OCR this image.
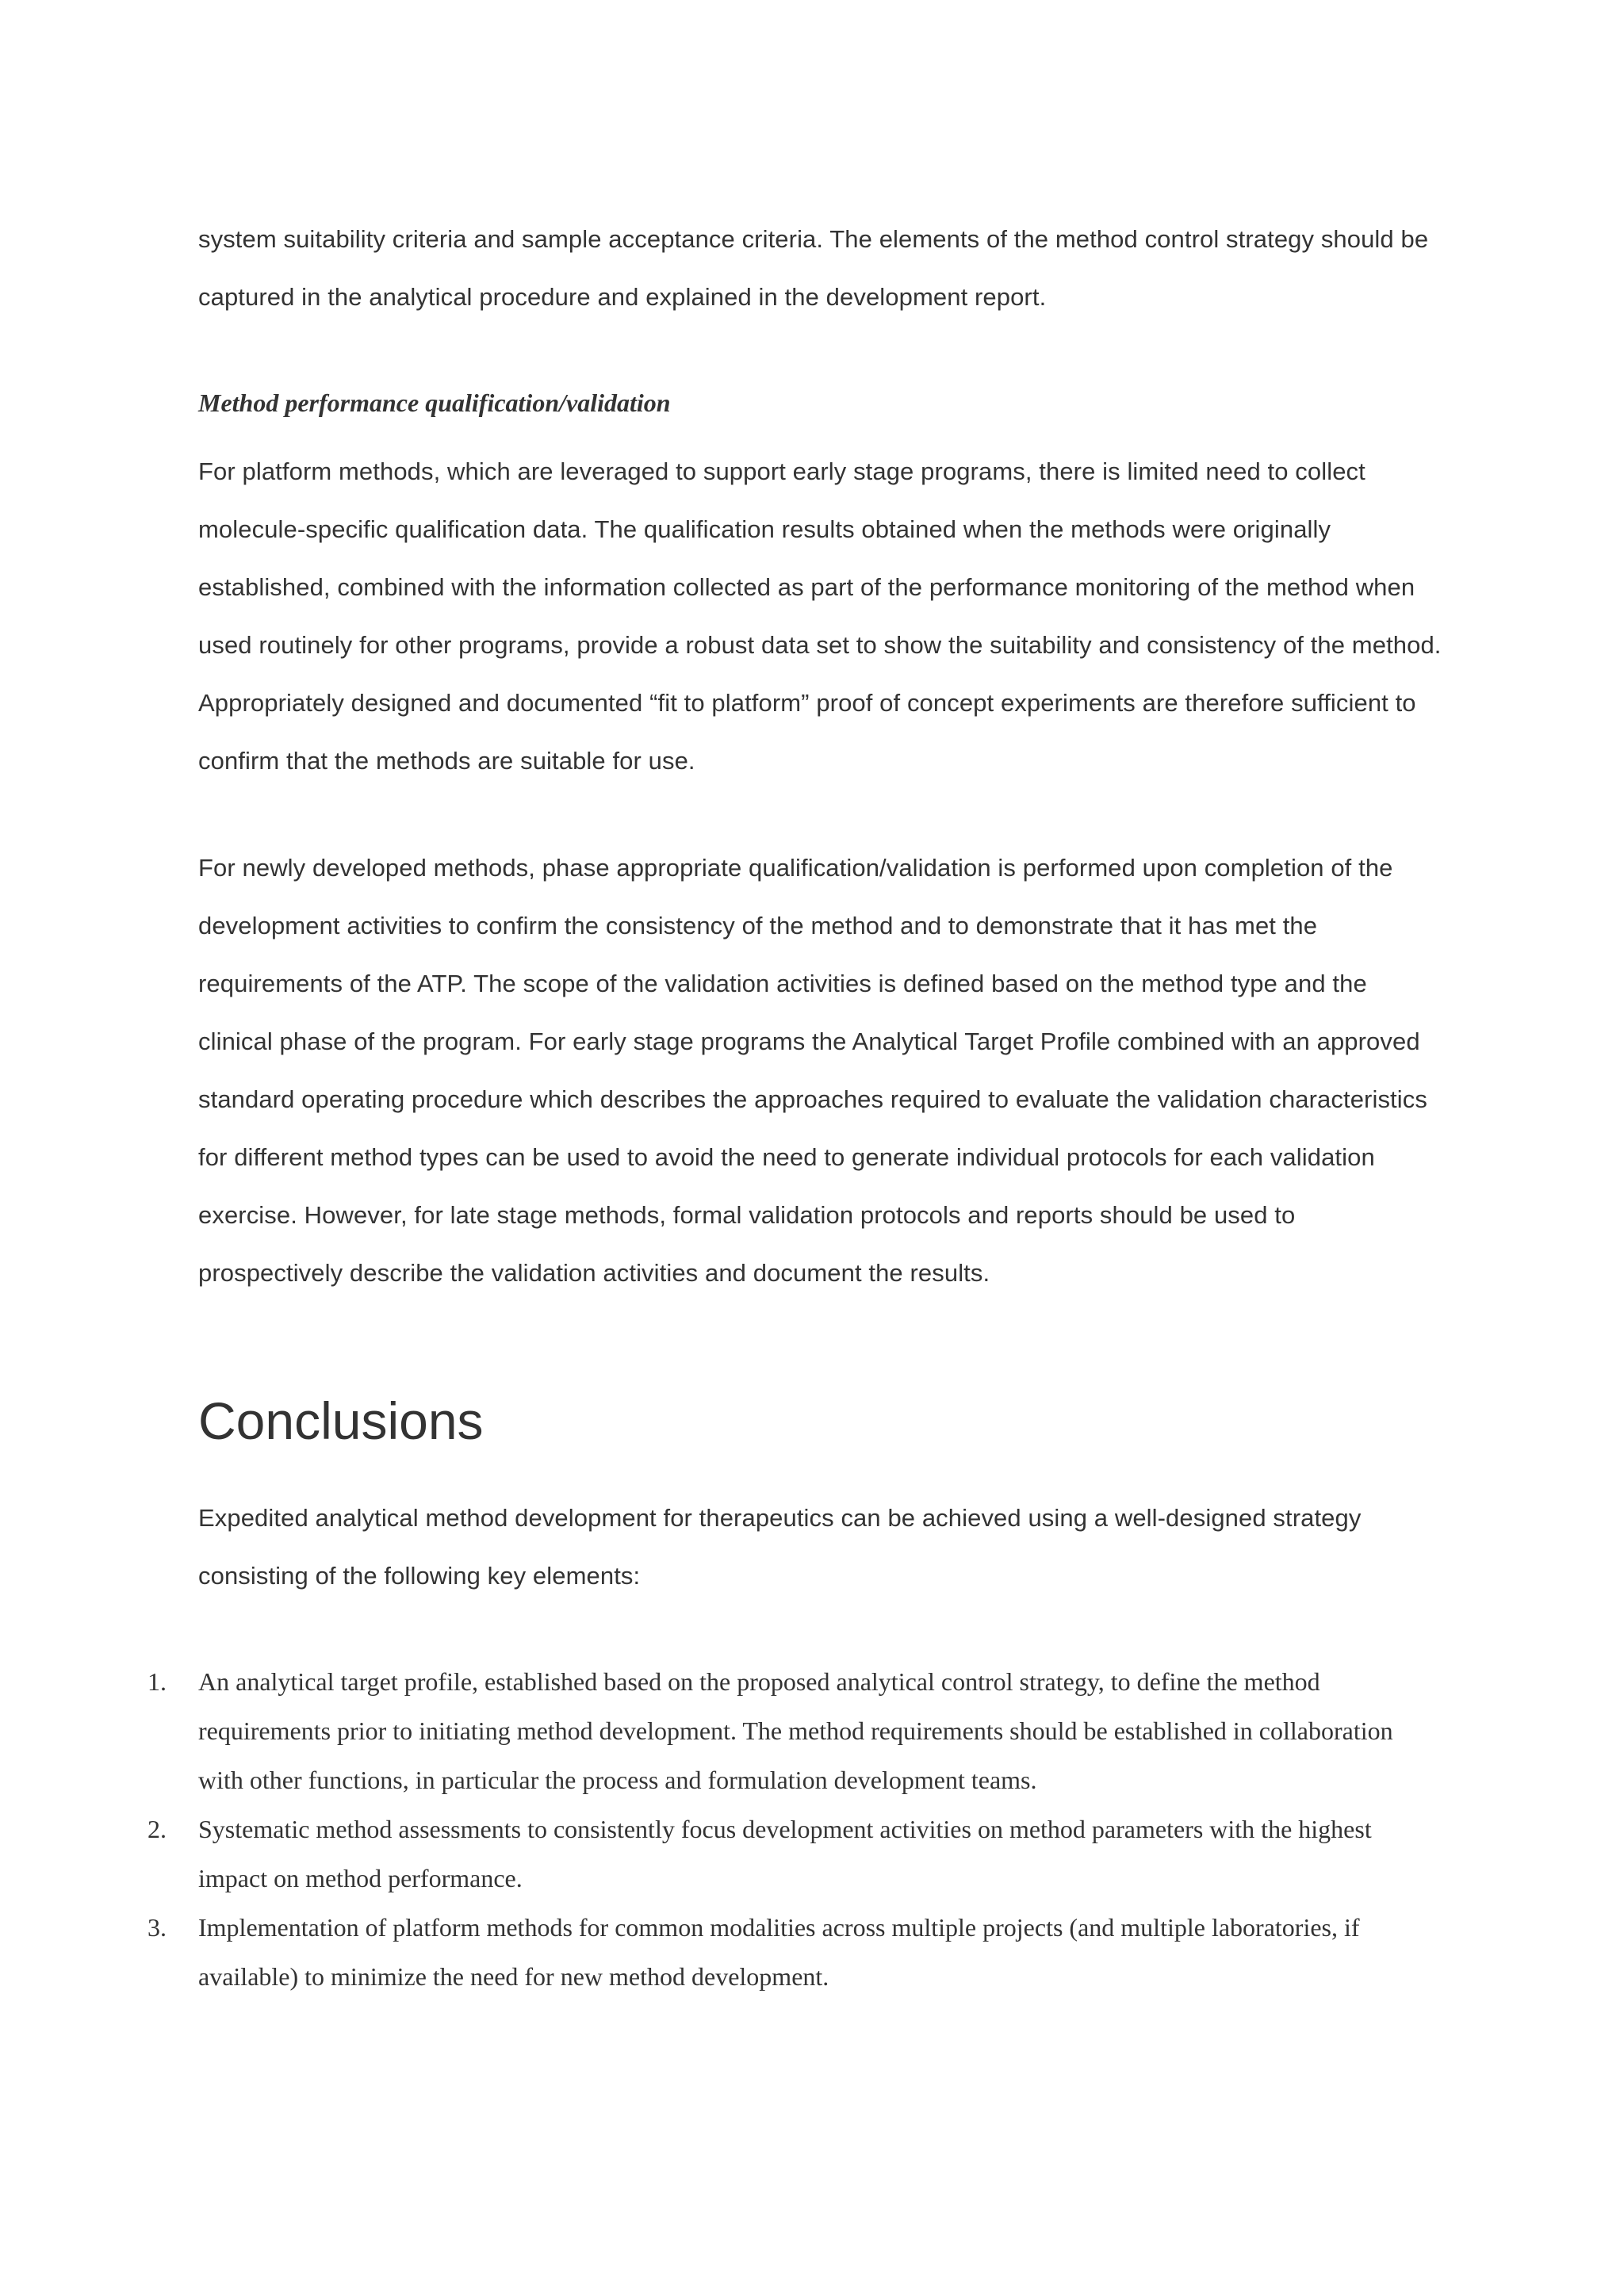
system suitability criteria and sample acceptance criteria. The elements of the method control strategy should be captured in the analytical procedure and explained in the development report.

Method performance qualification/validation

For platform methods, which are leveraged to support early stage programs, there is limited need to collect molecule-specific qualification data. The qualification results obtained when the methods were originally established, combined with the information collected as part of the performance monitoring of the method when used routinely for other programs, provide a robust data set to show the suitability and consistency of the method. Appropriately designed and documented “fit to platform” proof of concept experiments are therefore sufficient to confirm that the methods are suitable for use.

For newly developed methods, phase appropriate qualification/validation is performed upon completion of the development activities to confirm the consistency of the method and to demonstrate that it has met the requirements of the ATP. The scope of the validation activities is defined based on the method type and the clinical phase of the program. For early stage programs the Analytical Target Profile combined with an approved standard operating procedure which describes the approaches required to evaluate the validation characteristics for different method types can be used to avoid the need to generate individual protocols for each validation exercise. However, for late stage methods, formal validation protocols and reports should be used to prospectively describe the validation activities and document the results.

Conclusions

Expedited analytical method development for therapeutics can be achieved using a well-designed strategy consisting of the following key elements:

1. An analytical target profile, established based on the proposed analytical control strategy, to define the method requirements prior to initiating method development. The method requirements should be established in collaboration with other functions, in particular the process and formulation development teams.
2. Systematic method assessments to consistently focus development activities on method parameters with the highest impact on method performance.
3. Implementation of platform methods for common modalities across multiple projects (and multiple laboratories, if available) to minimize the need for new method development.
